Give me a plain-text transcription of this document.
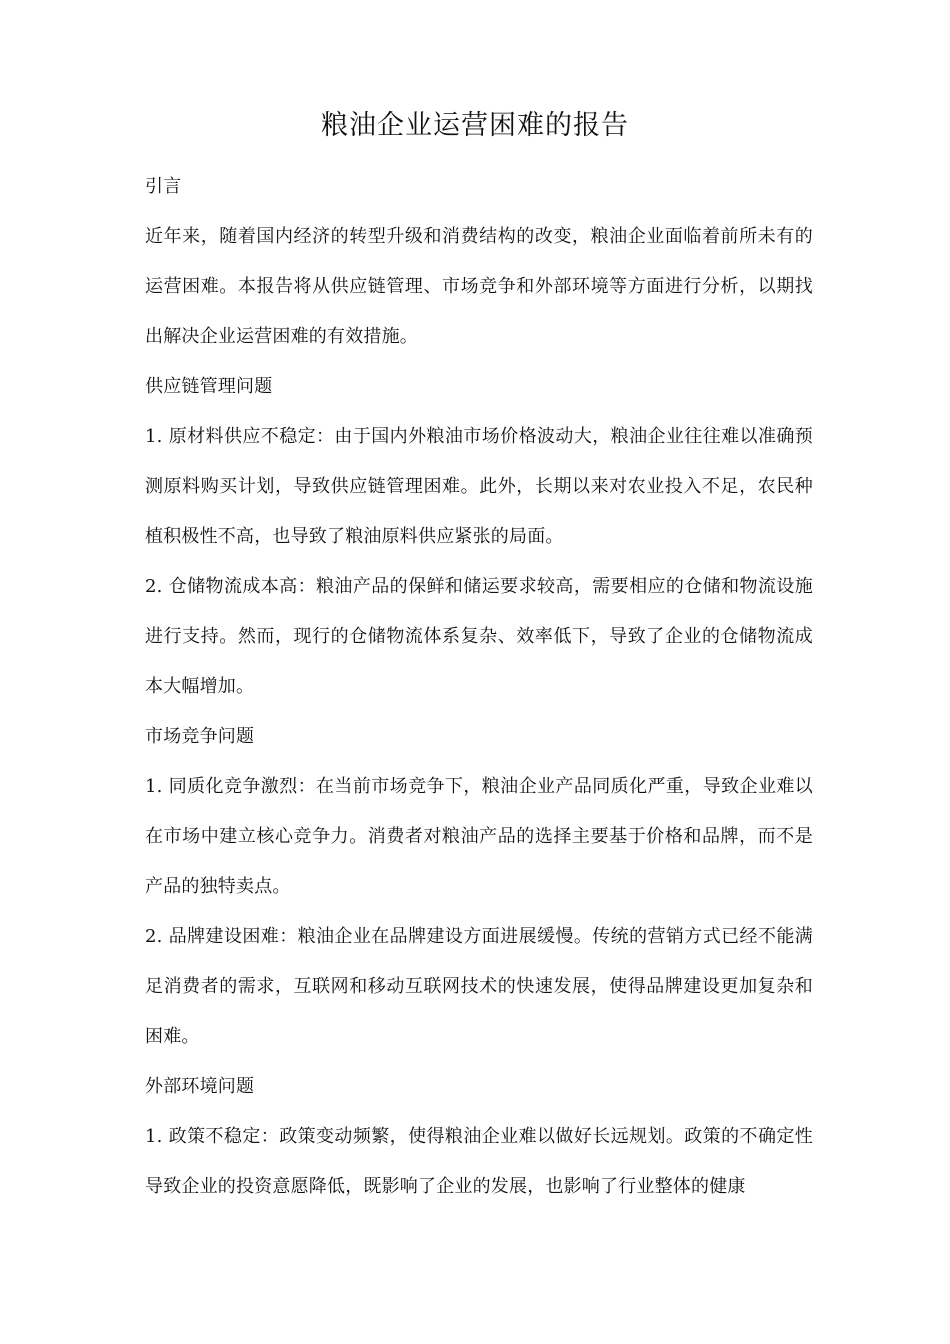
粮油企业运营困难的报告

引言

近年来，随着国内经济的转型升级和消费结构的改变，粮油企业面临着前所未有的运营困难。本报告将从供应链管理、市场竞争和外部环境等方面进行分析，以期找出解决企业运营困难的有效措施。

供应链管理问题

1. 原材料供应不稳定：由于国内外粮油市场价格波动大，粮油企业往往难以准确预测原料购买计划，导致供应链管理困难。此外，长期以来对农业投入不足，农民种植积极性不高，也导致了粮油原料供应紧张的局面。

2. 仓储物流成本高：粮油产品的保鲜和储运要求较高，需要相应的仓储和物流设施进行支持。然而，现行的仓储物流体系复杂、效率低下，导致了企业的仓储物流成本大幅增加。

市场竞争问题

1. 同质化竞争激烈：在当前市场竞争下，粮油企业产品同质化严重，导致企业难以在市场中建立核心竞争力。消费者对粮油产品的选择主要基于价格和品牌，而不是产品的独特卖点。

2. 品牌建设困难：粮油企业在品牌建设方面进展缓慢。传统的营销方式已经不能满足消费者的需求，互联网和移动互联网技术的快速发展，使得品牌建设更加复杂和困难。

外部环境问题

1. 政策不稳定：政策变动频繁，使得粮油企业难以做好长远规划。政策的不确定性导致企业的投资意愿降低，既影响了企业的发展，也影响了行业整体的健康
